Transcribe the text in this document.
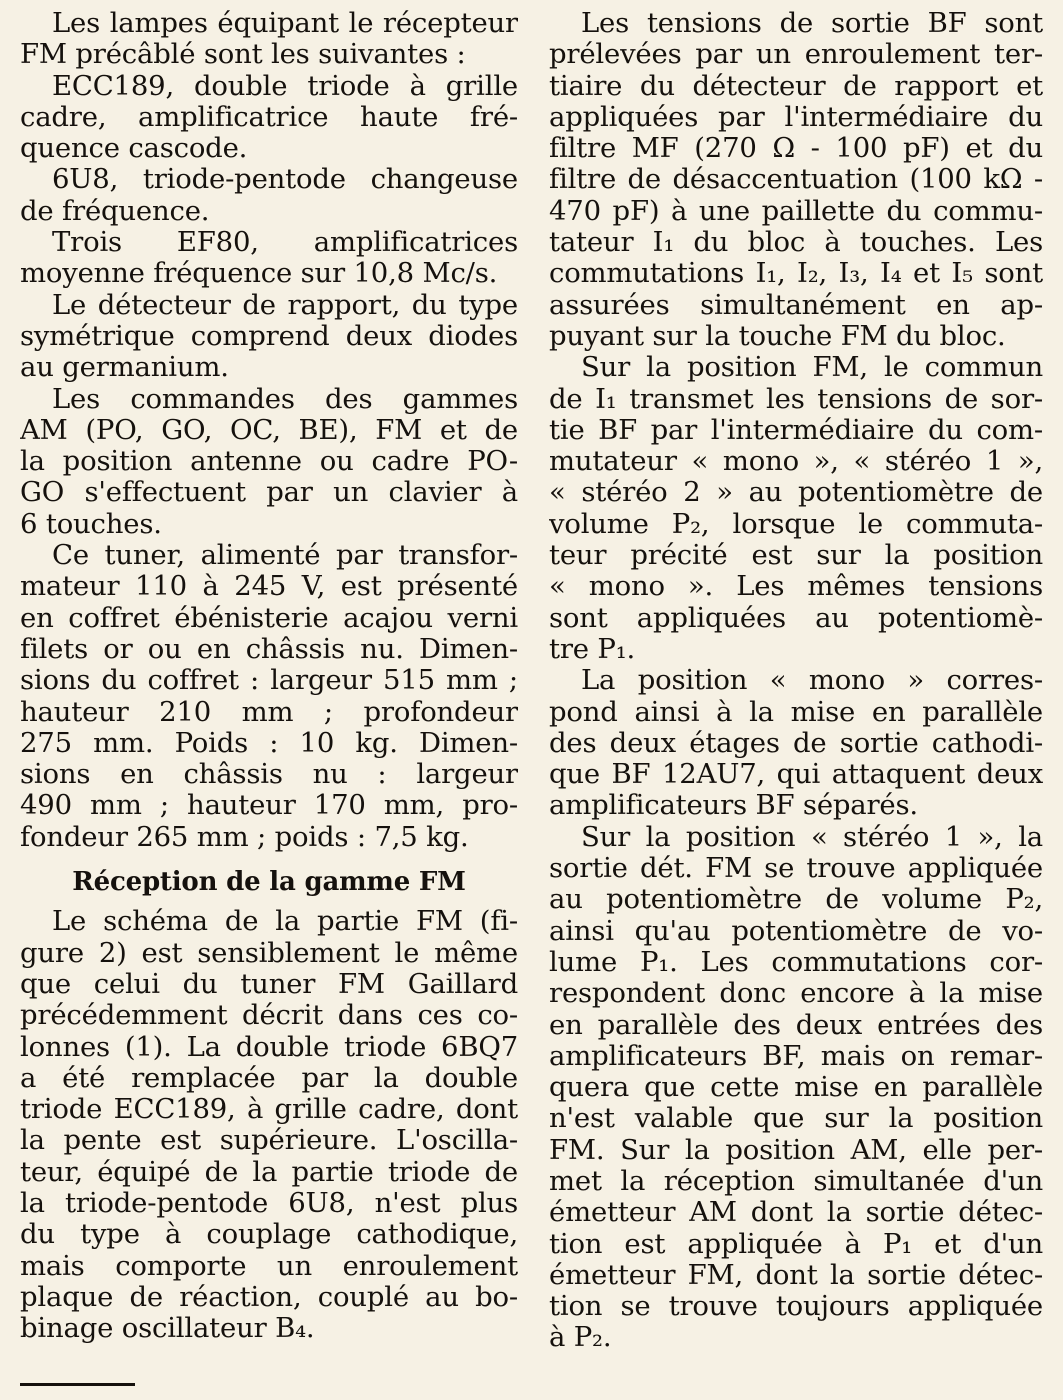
Les lampes équipant le récepteur
FM précâblé sont les suivantes :
ECC189, double triode à grille
cadre, amplificatrice haute fré-
quence cascode.
6U8, triode-pentode changeuse
de fréquence.
Trois EF80, amplificatrices
moyenne fréquence sur 10,8 Mc/s.
Le détecteur de rapport, du type
symétrique comprend deux diodes
au germanium.
Les commandes des gammes
AM (PO, GO, OC, BE), FM et de
la position antenne ou cadre PO-
GO s'effectuent par un clavier à
6 touches.
Ce tuner, alimenté par transfor-
mateur 110 à 245 V, est présenté
en coffret ébénisterie acajou verni
filets or ou en châssis nu. Dimen-
sions du coffret : largeur 515 mm ;
hauteur 210 mm ; profondeur
275 mm. Poids : 10 kg. Dimen-
sions en châssis nu : largeur
490 mm ; hauteur 170 mm, pro-
fondeur 265 mm ; poids : 7,5 kg.
Réception de la gamme FM
Le schéma de la partie FM (fi-
gure 2) est sensiblement le même
que celui du tuner FM Gaillard
précédemment décrit dans ces co-
lonnes (1). La double triode 6BQ7
a été remplacée par la double
triode ECC189, à grille cadre, dont
la pente est supérieure. L'oscilla-
teur, équipé de la partie triode de
la triode-pentode 6U8, n'est plus
du type à couplage cathodique,
mais comporte un enroulement
plaque de réaction, couplé au bo-
binage oscillateur B₄.
Les tensions de sortie BF sont
prélevées par un enroulement ter-
tiaire du détecteur de rapport et
appliquées par l'intermédiaire du
filtre MF (270 Ω - 100 pF) et du
filtre de désaccentuation (100 kΩ -
470 pF) à une paillette du commu-
tateur I₁ du bloc à touches. Les
commutations I₁, I₂, I₃, I₄ et I₅ sont
assurées simultanément en ap-
puyant sur la touche FM du bloc.
Sur la position FM, le commun
de I₁ transmet les tensions de sor-
tie BF par l'intermédiaire du com-
mutateur « mono », « stéréo 1 »,
« stéréo 2 » au potentiomètre de
volume P₂, lorsque le commuta-
teur précité est sur la position
« mono ». Les mêmes tensions
sont appliquées au potentiomè-
tre P₁.
La position « mono » corres-
pond ainsi à la mise en parallèle
des deux étages de sortie cathodi-
que BF 12AU7, qui attaquent deux
amplificateurs BF séparés.
Sur la position « stéréo 1 », la
sortie dét. FM se trouve appliquée
au potentiomètre de volume P₂,
ainsi qu'au potentiomètre de vo-
lume P₁. Les commutations cor-
respondent donc encore à la mise
en parallèle des deux entrées des
amplificateurs BF, mais on remar-
quera que cette mise en parallèle
n'est valable que sur la position
FM. Sur la position AM, elle per-
met la réception simultanée d'un
émetteur AM dont la sortie détec-
tion est appliquée à P₁ et d'un
émetteur FM, dont la sortie détec-
tion se trouve toujours appliquée
à P₂.
